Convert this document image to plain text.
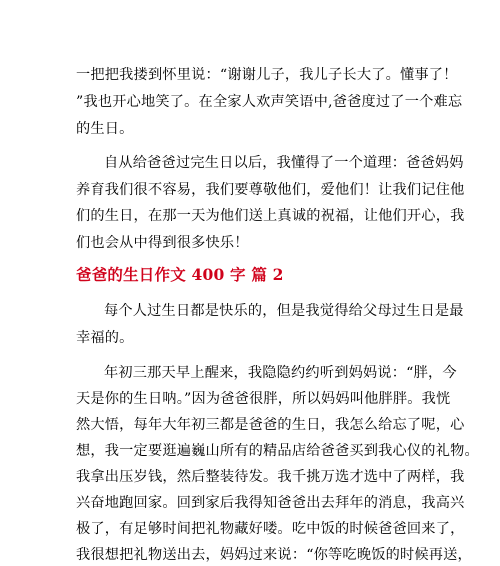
一把把我搂到怀里说：“谢谢儿子，我儿子长大了。懂事了！
”我也开心地笑了。在全家人欢声笑语中,爸爸度过了一个难忘
的生日。
自从给爸爸过完生日以后，我懂得了一个道理：爸爸妈妈
养育我们很不容易，我们要尊敬他们，爱他们！让我们记住他
们的生日，在那一天为他们送上真诚的祝福，让他们开心，我
们也会从中得到很多快乐！
爸爸的生日作文 400 字 篇 2
每个人过生日都是快乐的，但是我觉得给父母过生日是最
幸福的。
年初三那天早上醒来，我隐隐约约听到妈妈说：“胖，今
天是你的生日呐。”因为爸爸很胖，所以妈妈叫他胖胖。我恍
然大悟，每年大年初三都是爸爸的生日，我怎么给忘了呢，心
想，我一定要逛遍巍山所有的精品店给爸爸买到我心仪的礼物。
我拿出压岁钱，然后整装待发。我千挑万选才选中了两样，我
兴奋地跑回家。回到家后我得知爸爸出去拜年的消息，我高兴
极了，有足够时间把礼物藏好喽。吃中饭的时候爸爸回来了，
我很想把礼物送出去，妈妈过来说：“你等吃晚饭的时候再送，
